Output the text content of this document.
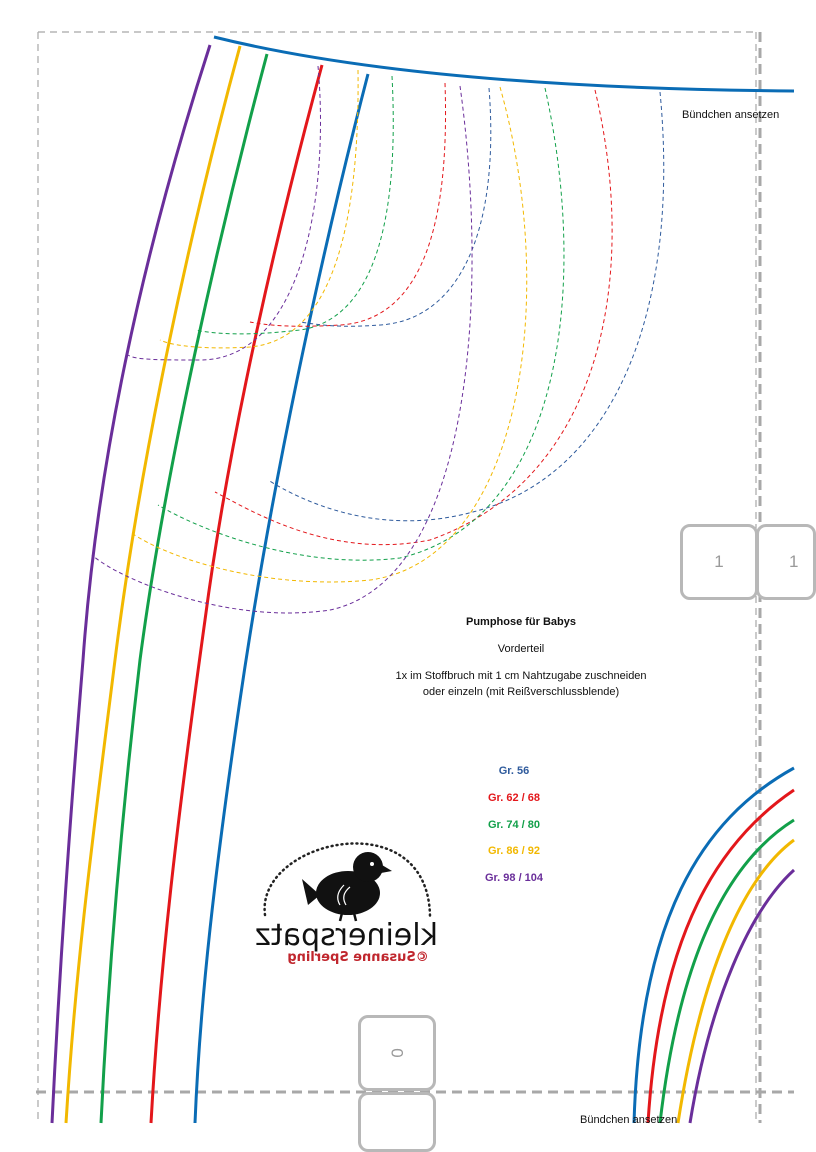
Bündchen ansetzen
Bündchen ansetzen
Pumphose für Babys
Vorderteil
1x im Stoffbruch mit 1 cm Nahtzugabe zuschneiden
oder einzeln (mit Reißverschlussblende)
Gr. 56
Gr. 62 / 68
Gr. 74 / 80
Gr. 86 / 92
Gr. 98 / 104
1	1
0
kleinerspatz
©Susanne Sperling
